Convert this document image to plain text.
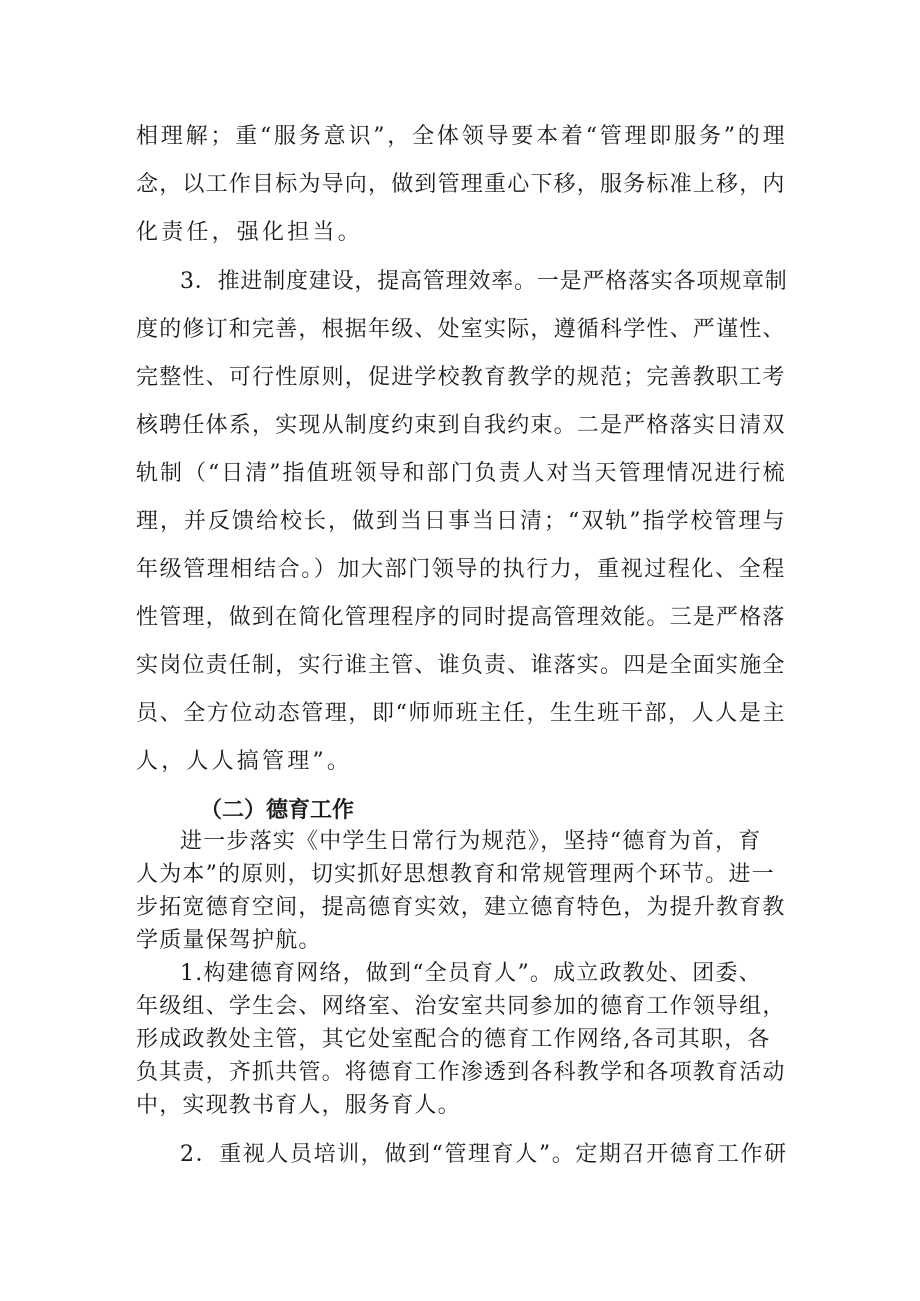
相理解；重“服务意识”，全体领导要本着“管理即服务”的理
念，以工作目标为导向，做到管理重心下移，服务标准上移，内
化责任，强化担当。
3．推进制度建设，提高管理效率。一是严格落实各项规章制
度的修订和完善，根据年级、处室实际，遵循科学性、严谨性、
完整性、可行性原则，促进学校教育教学的规范；完善教职工考
核聘任体系，实现从制度约束到自我约束。二是严格落实日清双
轨制（“日清”指值班领导和部门负责人对当天管理情况进行梳
理，并反馈给校长，做到当日事当日清；“双轨”指学校管理与
年级管理相结合。）加大部门领导的执行力，重视过程化、全程
性管理，做到在简化管理程序的同时提高管理效能。三是严格落
实岗位责任制，实行谁主管、谁负责、谁落实。四是全面实施全
员、全方位动态管理，即“师师班主任，生生班干部，人人是主
人，人人搞管理”。
（二）德育工作
进一步落实《中学生日常行为规范》，坚持“德育为首，育
人为本”的原则，切实抓好思想教育和常规管理两个环节。进一
步拓宽德育空间，提高德育实效，建立德育特色，为提升教育教
学质量保驾护航。
1.构建德育网络，做到“全员育人”。成立政教处、团委、
年级组、学生会、网络室、治安室共同参加的德育工作领导组，
形成政教处主管，其它处室配合的德育工作网络,各司其职，各
负其责，齐抓共管。将德育工作渗透到各科教学和各项教育活动
中，实现教书育人，服务育人。
2．重视人员培训，做到“管理育人”。定期召开德育工作研
